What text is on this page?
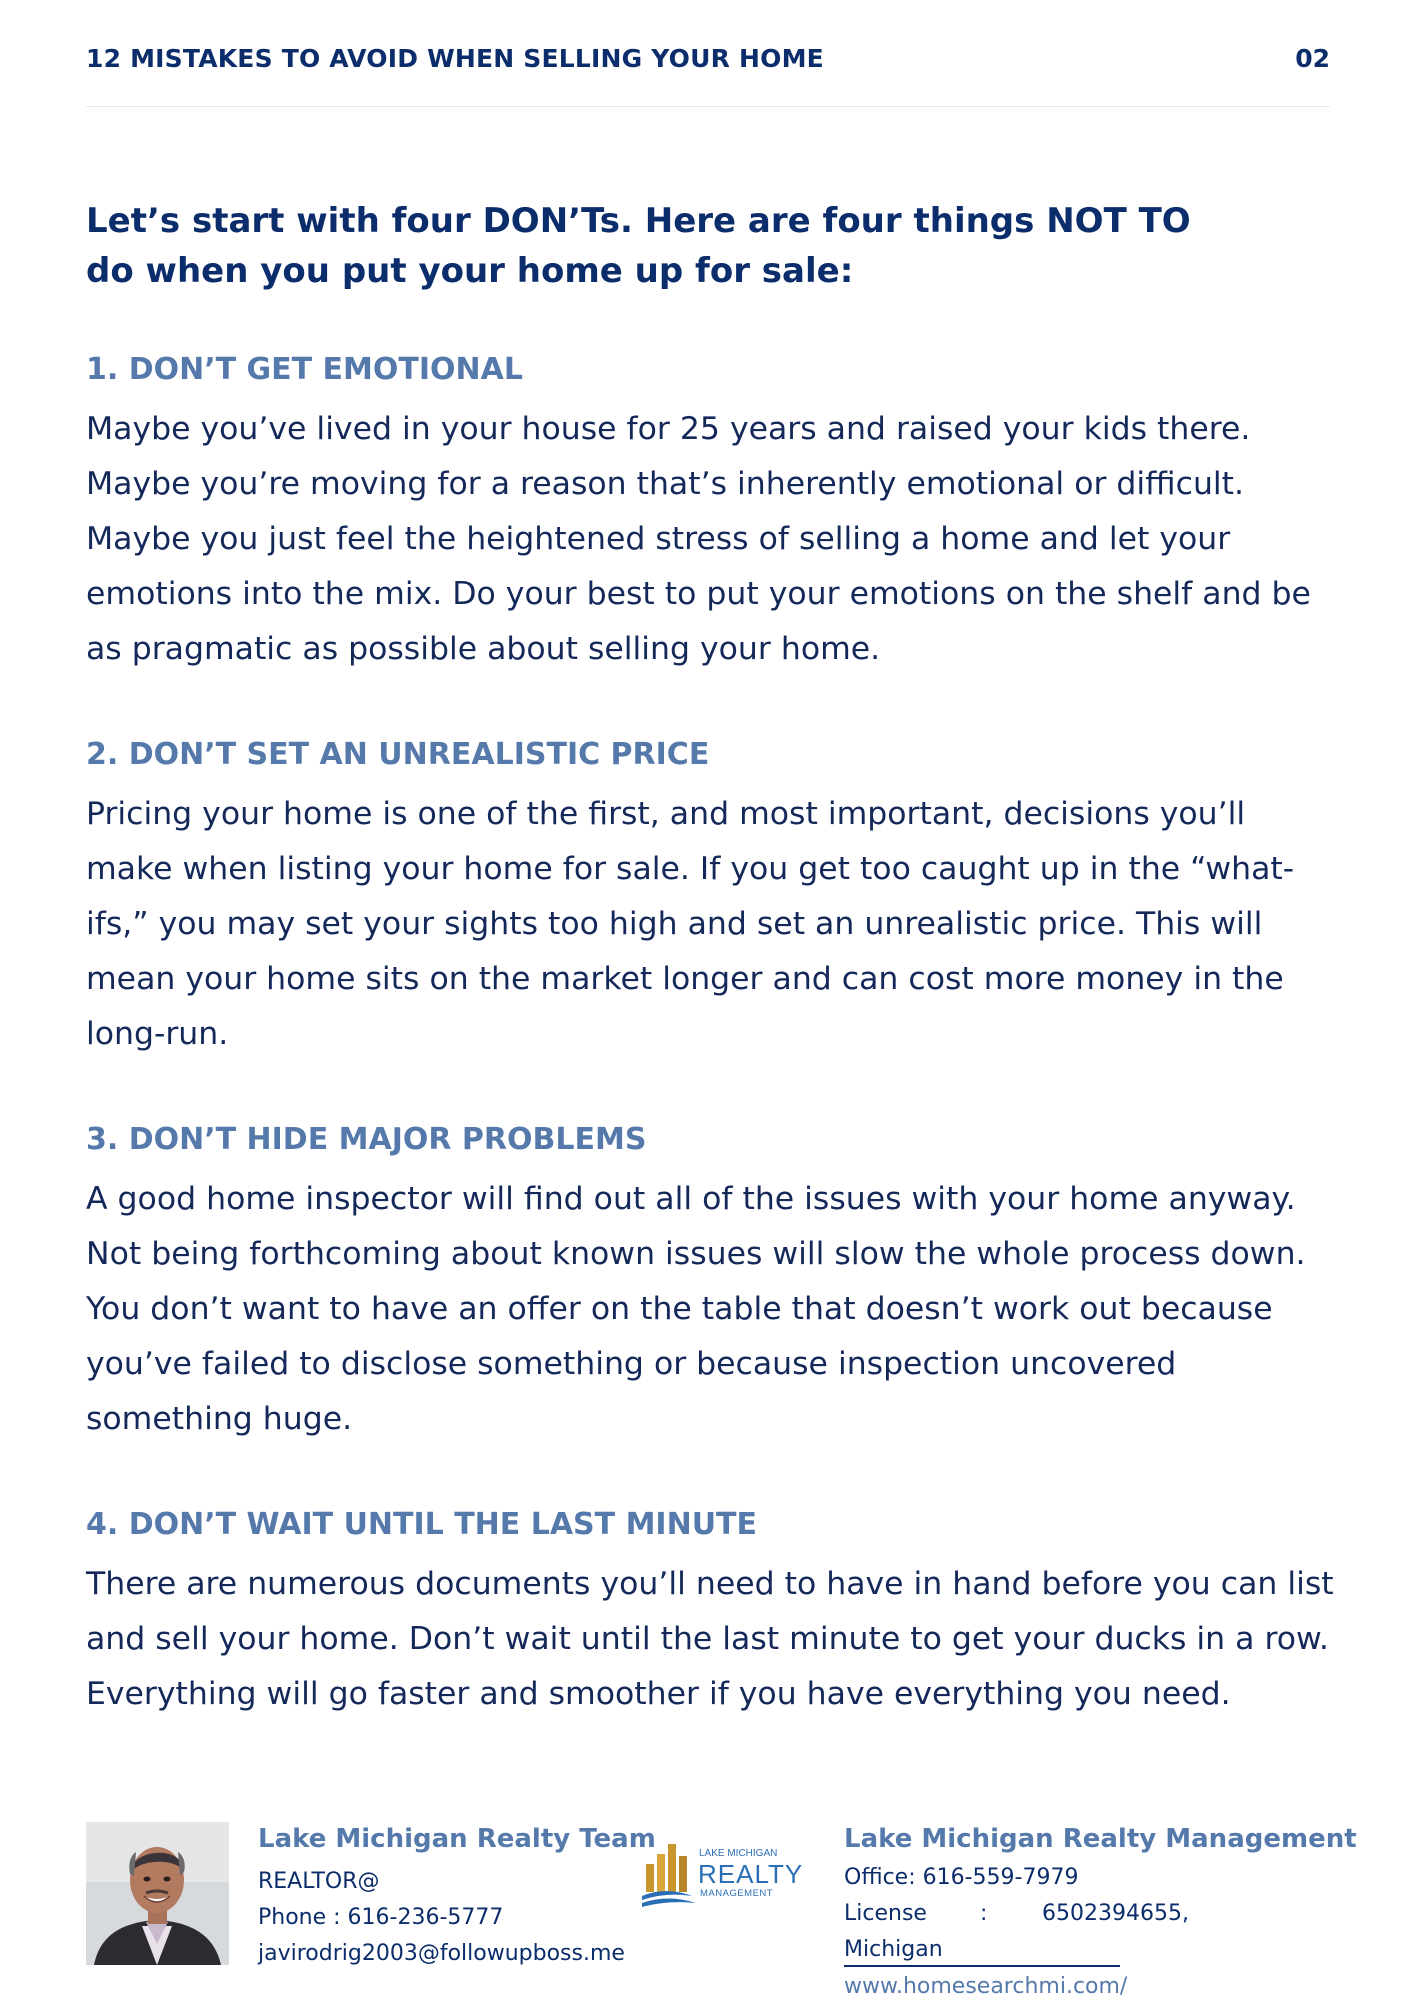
12 MISTAKES TO AVOID WHEN SELLING YOUR HOME	02
Let’s start with four DON’Ts. Here are four things NOT TO
do when you put your home up for sale:
1. DON’T GET EMOTIONAL
Maybe you’ve lived in your house for 25 years and raised your kids there. Maybe you’re moving for a reason that’s inherently emotional or difficult. Maybe you just feel the heightened stress of selling a home and let your emotions into the mix. Do your best to put your emotions on the shelf and be as pragmatic as possible about selling your home.
2. DON’T SET AN UNREALISTIC PRICE
Pricing your home is one of the first, and most important, decisions you’ll make when listing your home for sale. If you get too caught up in the “what-ifs,” you may set your sights too high and set an unrealistic price. This will mean your home sits on the market longer and can cost more money in the long-run.
3. DON’T HIDE MAJOR PROBLEMS
A good home inspector will find out all of the issues with your home anyway. Not being forthcoming about known issues will slow the whole process down. You don’t want to have an offer on the table that doesn’t work out because you’ve failed to disclose something or because inspection uncovered something huge.
4. DON’T WAIT UNTIL THE LAST MINUTE
There are numerous documents you’ll need to have in hand before you can list and sell your home. Don’t wait until the last minute to get your ducks in a row. Everything will go faster and smoother if you have everything you need.
Lake Michigan Realty Team
REALTOR@
Phone : 616-236-5777
javirodrig2003@followupboss.me
LAKE MICHIGAN
REALTY
MANAGEMENT
Lake Michigan Realty Management
Office: 616-559-7979
License : 6502394655,
Michigan
www.homesearchmi.com/
